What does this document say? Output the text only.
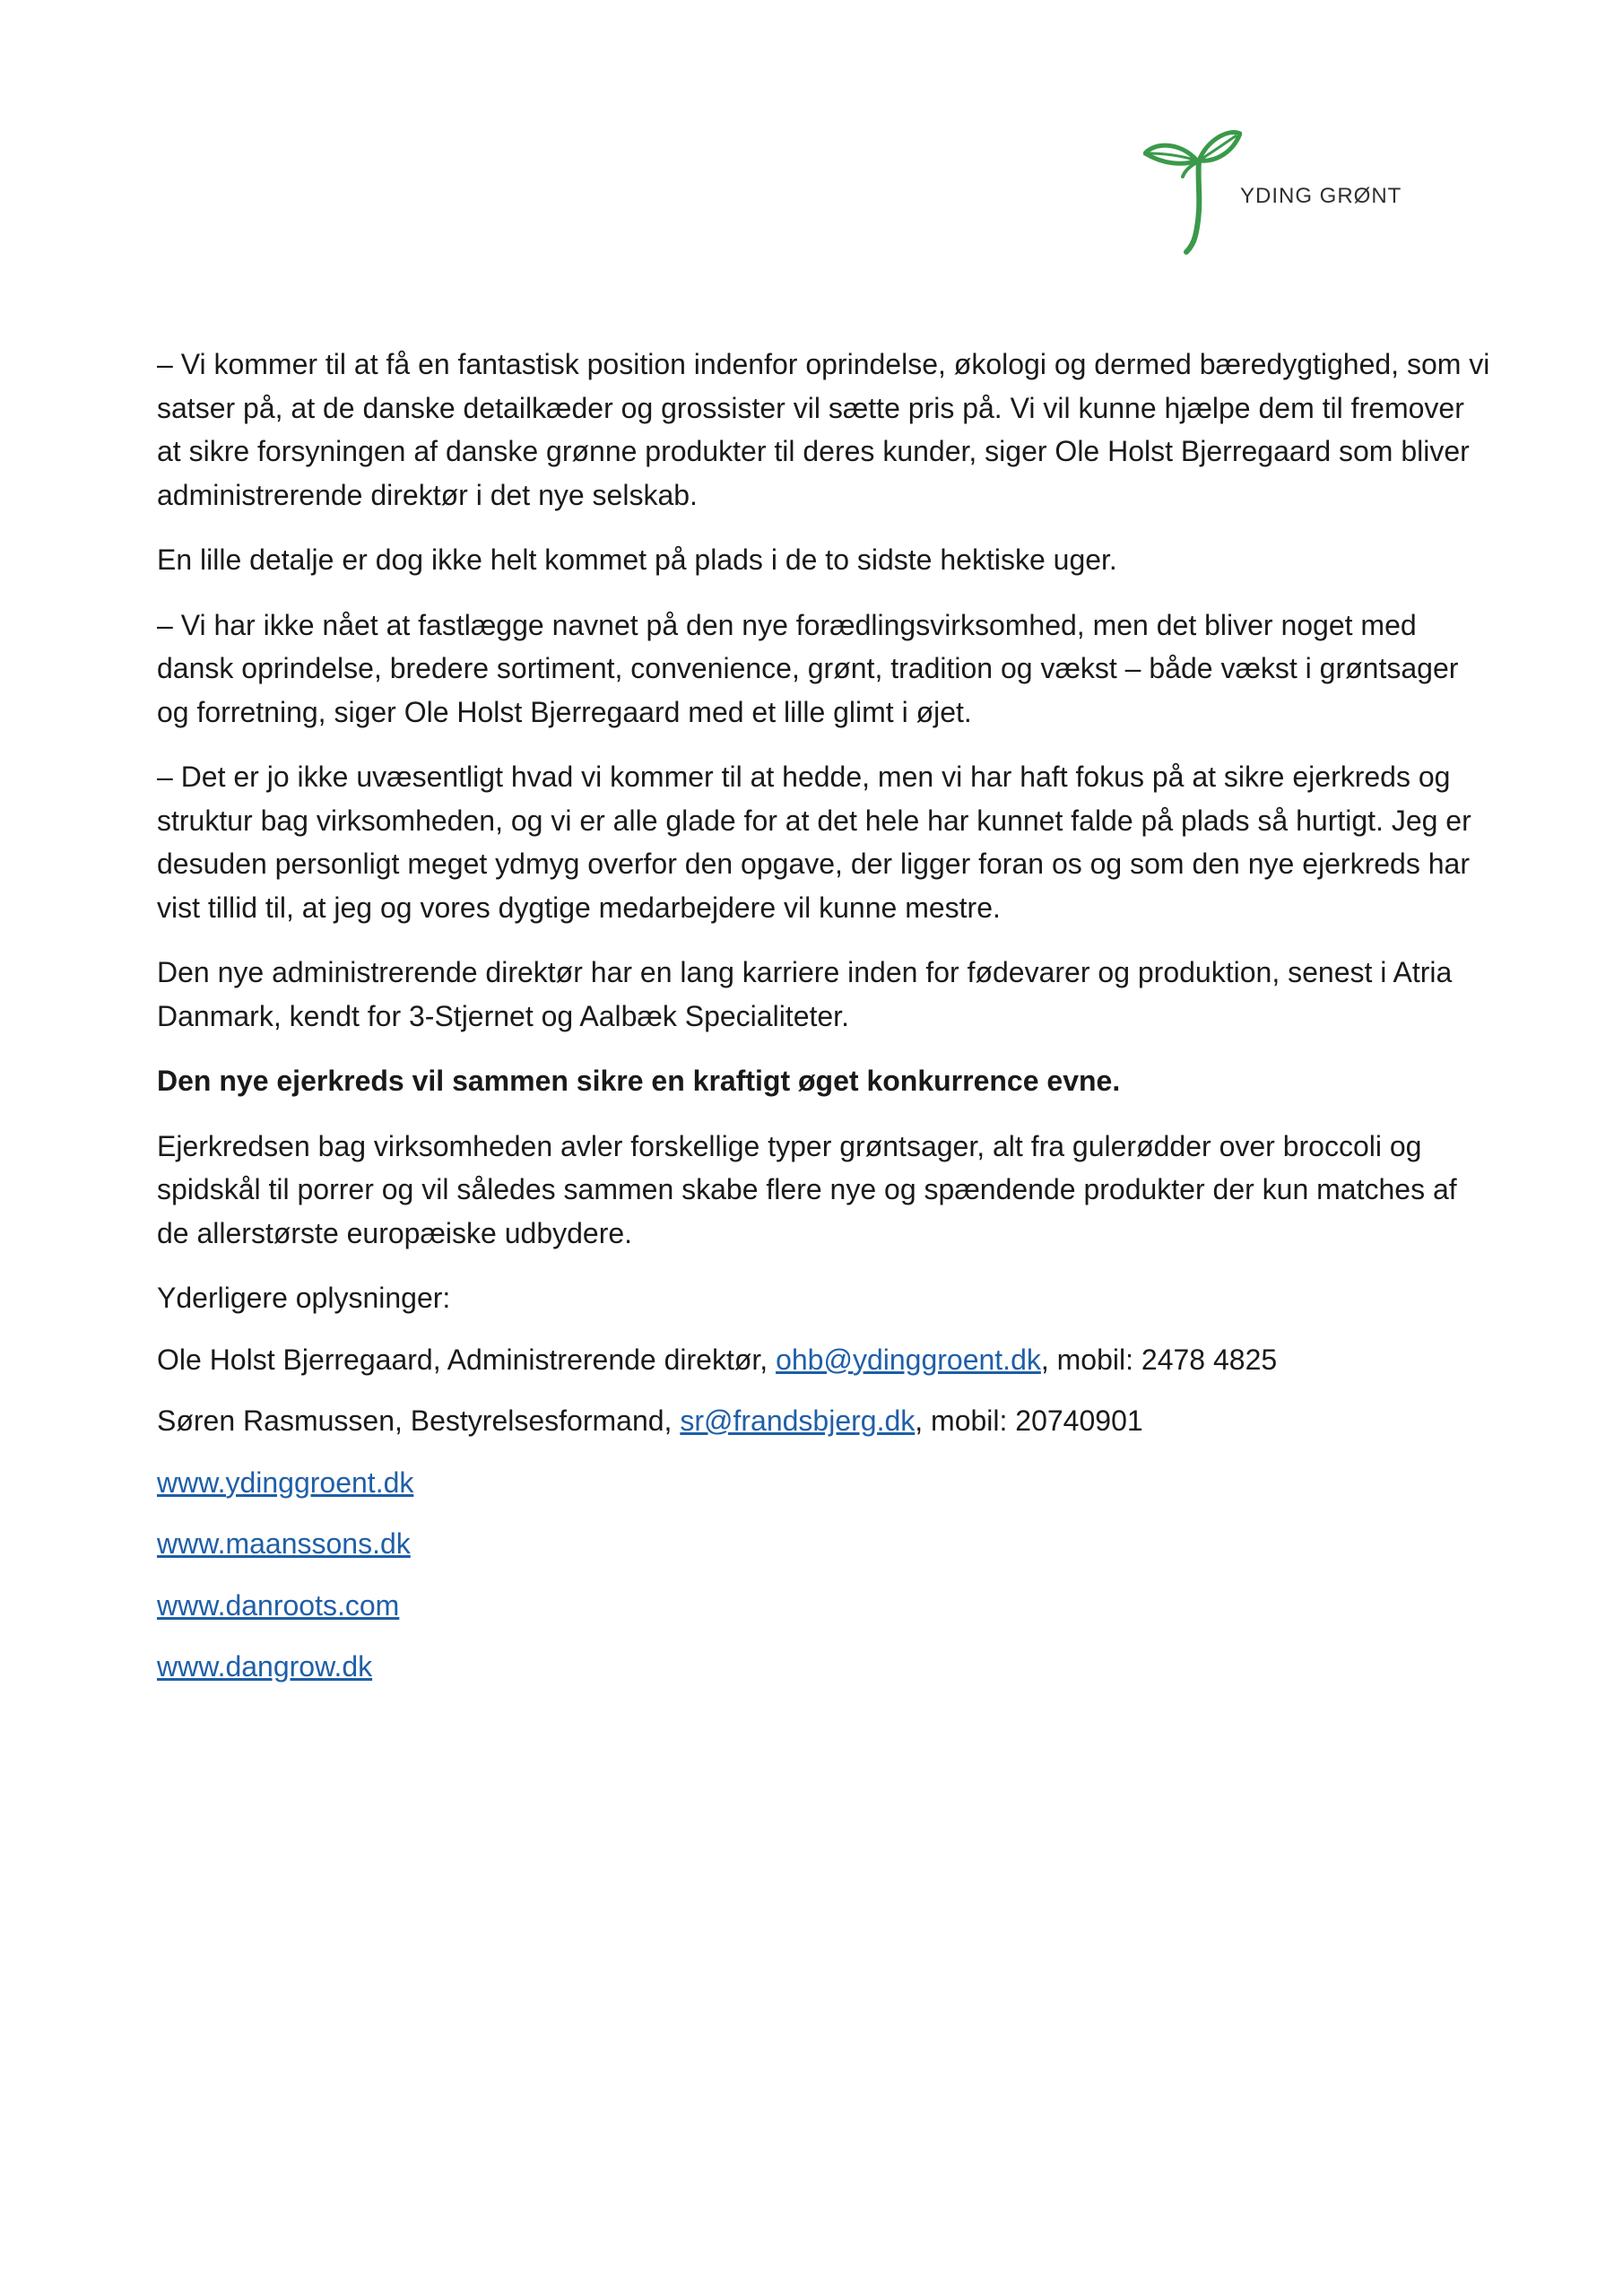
YDING GRØNT

– Vi kommer til at få en fantastisk position indenfor oprindelse, økologi og dermed bæredygtighed, som vi satser på, at de danske detailkæder og grossister vil sætte pris på. Vi vil kunne hjælpe dem til fremover at sikre forsyningen af danske grønne produkter til deres kunder, siger Ole Holst Bjerregaard som bliver administrerende direktør i det nye selskab.

En lille detalje er dog ikke helt kommet på plads i de to sidste hektiske uger.

– Vi har ikke nået at fastlægge navnet på den nye forædlingsvirksomhed, men det bliver noget med dansk oprindelse, bredere sortiment, convenience, grønt, tradition og vækst – både vækst i grøntsager og forretning, siger Ole Holst Bjerregaard med et lille glimt i øjet.

– Det er jo ikke uvæsentligt hvad vi kommer til at hedde, men vi har haft fokus på at sikre ejerkreds og struktur bag virksomheden, og vi er alle glade for at det hele har kunnet falde på plads så hurtigt. Jeg er desuden personligt meget ydmyg overfor den opgave, der ligger foran os og som den nye ejerkreds har vist tillid til, at jeg og vores dygtige medarbejdere vil kunne mestre.

Den nye administrerende direktør har en lang karriere inden for fødevarer og produktion, senest i Atria Danmark, kendt for 3-Stjernet og Aalbæk Specialiteter.

Den nye ejerkreds vil sammen sikre en kraftigt øget konkurrence evne.

Ejerkredsen bag virksomheden avler forskellige typer grøntsager, alt fra gulerødder over broccoli og spidskål til porrer og vil således sammen skabe flere nye og spændende produkter der kun matches af de allerstørste europæiske udbydere.

Yderligere oplysninger:

Ole Holst Bjerregaard, Administrerende direktør, ohb@ydinggroent.dk, mobil: 2478 4825

Søren Rasmussen, Bestyrelsesformand, sr@frandsbjerg.dk, mobil: 20740901

www.ydinggroent.dk

www.maanssons.dk

www.danroots.com

www.dangrow.dk
